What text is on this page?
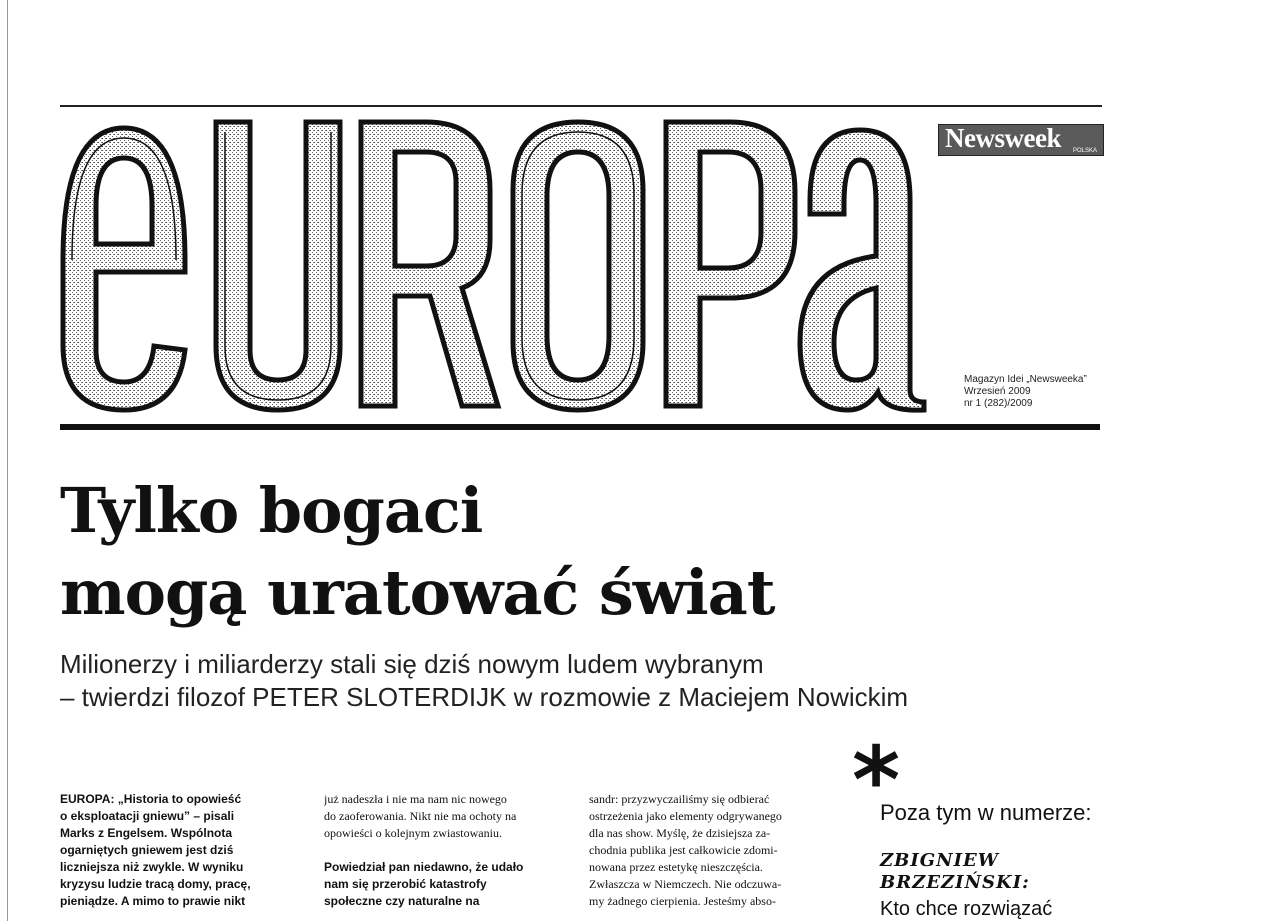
Newsweek POLSKA
Magazyn Idei „Newsweeka”
Wrzesień 2009
nr 1 (282)/2009
Tylko bogaci
mogą uratować świat
Milionerzy i miliarderzy stali się dziś nowym ludem wybranym
– twierdzi filozof PETER SLOTERDIJK w rozmowie z Maciejem Nowickim
EUROPA: „Historia to opowieść
o eksploatacji gniewu” – pisali
Marks z Engelsem. Wspólnota
ogarniętych gniewem jest dziś
liczniejsza niż zwykle. W wyniku
kryzysu ludzie tracą domy, pracę,
pieniądze. A mimo to prawie nikt
już nadeszła i nie ma nam nic nowego
do zaoferowania. Nikt nie ma ochoty na
opowieści o kolejnym zwiastowaniu.
Powiedział pan niedawno, że udało
nam się przerobić katastrofy
społeczne czy naturalne na
sandr: przyzwyczailiśmy się odbierać
ostrzeżenia jako elementy odgrywanego
dla nas show. Myślę, że dzisiejsza za-
chodnia publika jest całkowicie zdomi-
nowana przez estetykę nieszczęścia.
Zwłaszcza w Niemczech. Nie odczuwa-
my żadnego cierpienia. Jesteśmy abso-
*
Poza tym w numerze:
ZBIGNIEW
BRZEZIŃSKI:
Kto chce rozwiązać
